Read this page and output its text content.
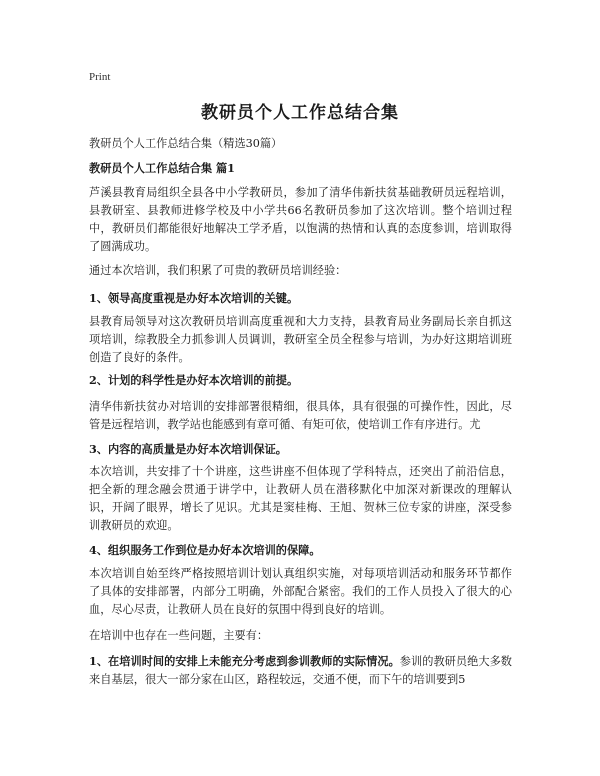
Print
教研员个人工作总结合集
教研员个人工作总结合集（精选30篇）
教研员个人工作总结合集 篇1
芦溪县教育局组织全县各中小学教研员，参加了清华伟新扶贫基础教研员远程培训，县教研室、县教师进修学校及中小学共66名教研员参加了这次培训。整个培训过程中，教研员们都能很好地解决工学矛盾，以饱满的热情和认真的态度参训，培训取得了圆满成功。
通过本次培训，我们积累了可贵的教研员培训经验：
1、领导高度重视是办好本次培训的关键。
县教育局领导对这次教研员培训高度重视和大力支持，县教育局业务副局长亲自抓这项培训，综教股全力抓参训人员调训，教研室全员全程参与培训，为办好这期培训班创造了良好的条件。
2、计划的科学性是办好本次培训的前提。
清华伟新扶贫办对培训的安排部署很精细，很具体，具有很强的可操作性，因此，尽管是远程培训，教学站也能感到有章可循、有矩可依，使培训工作有序进行。尤
3、内容的高质量是办好本次培训保证。
本次培训，共安排了十个讲座，这些讲座不但体现了学科特点，还突出了前沿信息，把全新的理念融会贯通于讲学中，让教研人员在潜移默化中加深对新课改的理解认识，开阔了眼界，增长了见识。尤其是窦桂梅、王旭、贺林三位专家的讲座，深受参训教研员的欢迎。
4、组织服务工作到位是办好本次培训的保障。
本次培训自始至终严格按照培训计划认真组织实施，对每项培训活动和服务环节都作了具体的安排部署，内部分工明确，外部配合紧密。我们的工作人员投入了很大的心血，尽心尽责，让教研人员在良好的氛围中得到良好的培训。
在培训中也存在一些问题，主要有：
1、在培训时间的安排上未能充分考虑到参训教师的实际情况。参训的教研员绝大多数来自基层，很大一部分家在山区，路程较远，交通不便，而下午的培训要到5
